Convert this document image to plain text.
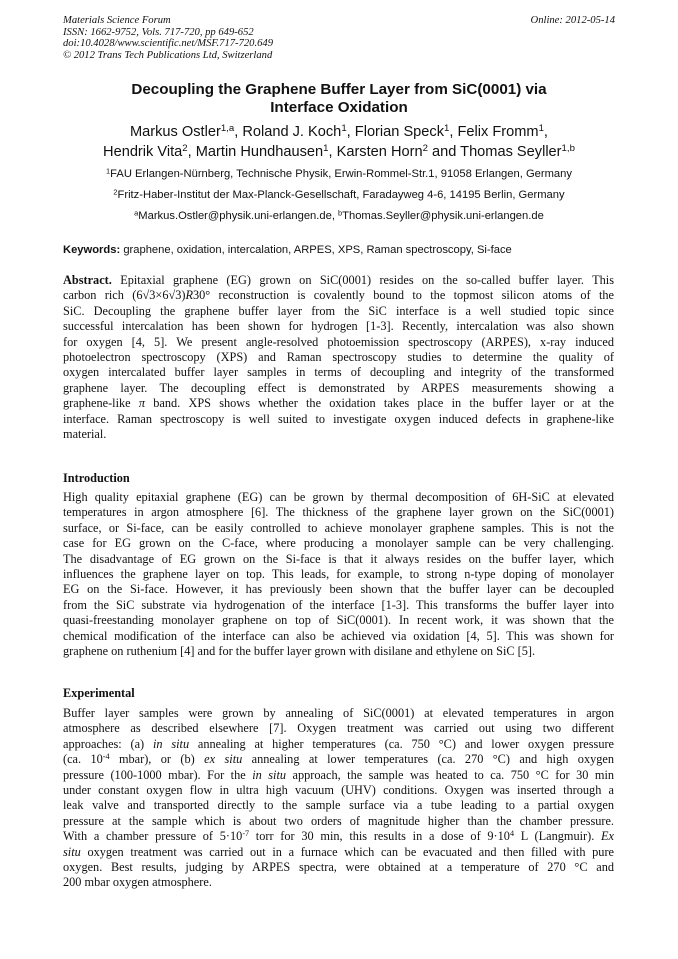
Materials Science Forum
ISSN: 1662-9752, Vols. 717-720, pp 649-652
doi:10.4028/www.scientific.net/MSF.717-720.649
© 2012 Trans Tech Publications Ltd, Switzerland
Online: 2012-05-14
Decoupling the Graphene Buffer Layer from SiC(0001) via
Interface Oxidation
Markus Ostler$^{1,a}$, Roland J. Koch$^1$, Florian Speck$^1$, Felix Fromm$^1$,
Hendrik Vita$^2$, Martin Hundhausen$^1$, Karsten Horn$^2$ and Thomas Seyller$^{1,b}$
$^1$FAU Erlangen-Nürnberg, Technische Physik, Erwin-Rommel-Str.1, 91058 Erlangen, Germany
$^2$Fritz-Haber-Institut der Max-Planck-Gesellschaft, Faradayweg 4-6, 14195 Berlin, Germany
$^a$Markus.Ostler@physik.uni-erlangen.de, $^b$Thomas.Seyller@physik.uni-erlangen.de
Keywords: graphene, oxidation, intercalation, ARPES, XPS, Raman spectroscopy, Si-face
Abstract. Epitaxial graphene (EG) grown on SiC(0001) resides on the so-called buffer layer. This
carbon rich (6√3×6√3)R30° reconstruction is covalently bound to the topmost silicon atoms of the
SiC. Decoupling the graphene buffer layer from the SiC interface is a well studied topic since
successful intercalation has been shown for hydrogen [1-3]. Recently, intercalation was also shown
for oxygen [4, 5]. We present angle-resolved photoemission spectroscopy (ARPES), x-ray induced
photoelectron spectroscopy (XPS) and Raman spectroscopy studies to determine the quality of
oxygen intercalated buffer layer samples in terms of decoupling and integrity of the transformed
graphene layer. The decoupling effect is demonstrated by ARPES measurements showing a
graphene-like π band. XPS shows whether the oxidation takes place in the buffer layer or at the
interface. Raman spectroscopy is well suited to investigate oxygen induced defects in graphene-like
material.
Introduction
High quality epitaxial graphene (EG) can be grown by thermal decomposition of 6H-SiC at elevated
temperatures in argon atmosphere [6]. The thickness of the graphene layer grown on the SiC(0001)
surface, or Si-face, can be easily controlled to achieve monolayer graphene samples. This is not the
case for EG grown on the C-face, where producing a monolayer sample can be very challenging.
The disadvantage of EG grown on the Si-face is that it always resides on the buffer layer, which
influences the graphene layer on top. This leads, for example, to strong n-type doping of monolayer
EG on the Si-face. However, it has previously been shown that the buffer layer can be decoupled
from the SiC substrate via hydrogenation of the interface [1-3]. This transforms the buffer layer into
quasi-freestanding monolayer graphene on top of SiC(0001). In recent work, it was shown that the
chemical modification of the interface can also be achieved via oxidation [4, 5]. This was shown for
graphene on ruthenium [4] and for the buffer layer grown with disilane and ethylene on SiC [5].
Experimental
Buffer layer samples were grown by annealing of SiC(0001) at elevated temperatures in argon
atmosphere as described elsewhere [7]. Oxygen treatment was carried out using two different
approaches: (a) in situ annealing at higher temperatures (ca. 750 °C) and lower oxygen pressure
(ca. $10^{-4}$ mbar), or (b) ex situ annealing at lower temperatures (ca. 270 °C) and high oxygen
pressure (100-1000 mbar). For the in situ approach, the sample was heated to ca. 750 °C for 30 min
under constant oxygen flow in ultra high vacuum (UHV) conditions. Oxygen was inserted through a
leak valve and transported directly to the sample surface via a tube leading to a partial oxygen
pressure at the sample which is about two orders of magnitude higher than the chamber pressure.
With a chamber pressure of $5\cdot 10^{-7}$ torr for 30 min, this results in a dose of $9\cdot 10^4$ L (Langmuir). Ex
situ oxygen treatment was carried out in a furnace which can be evacuated and then filled with pure
oxygen. Best results, judging by ARPES spectra, were obtained at a temperature of 270 °C and
200 mbar oxygen atmosphere.
